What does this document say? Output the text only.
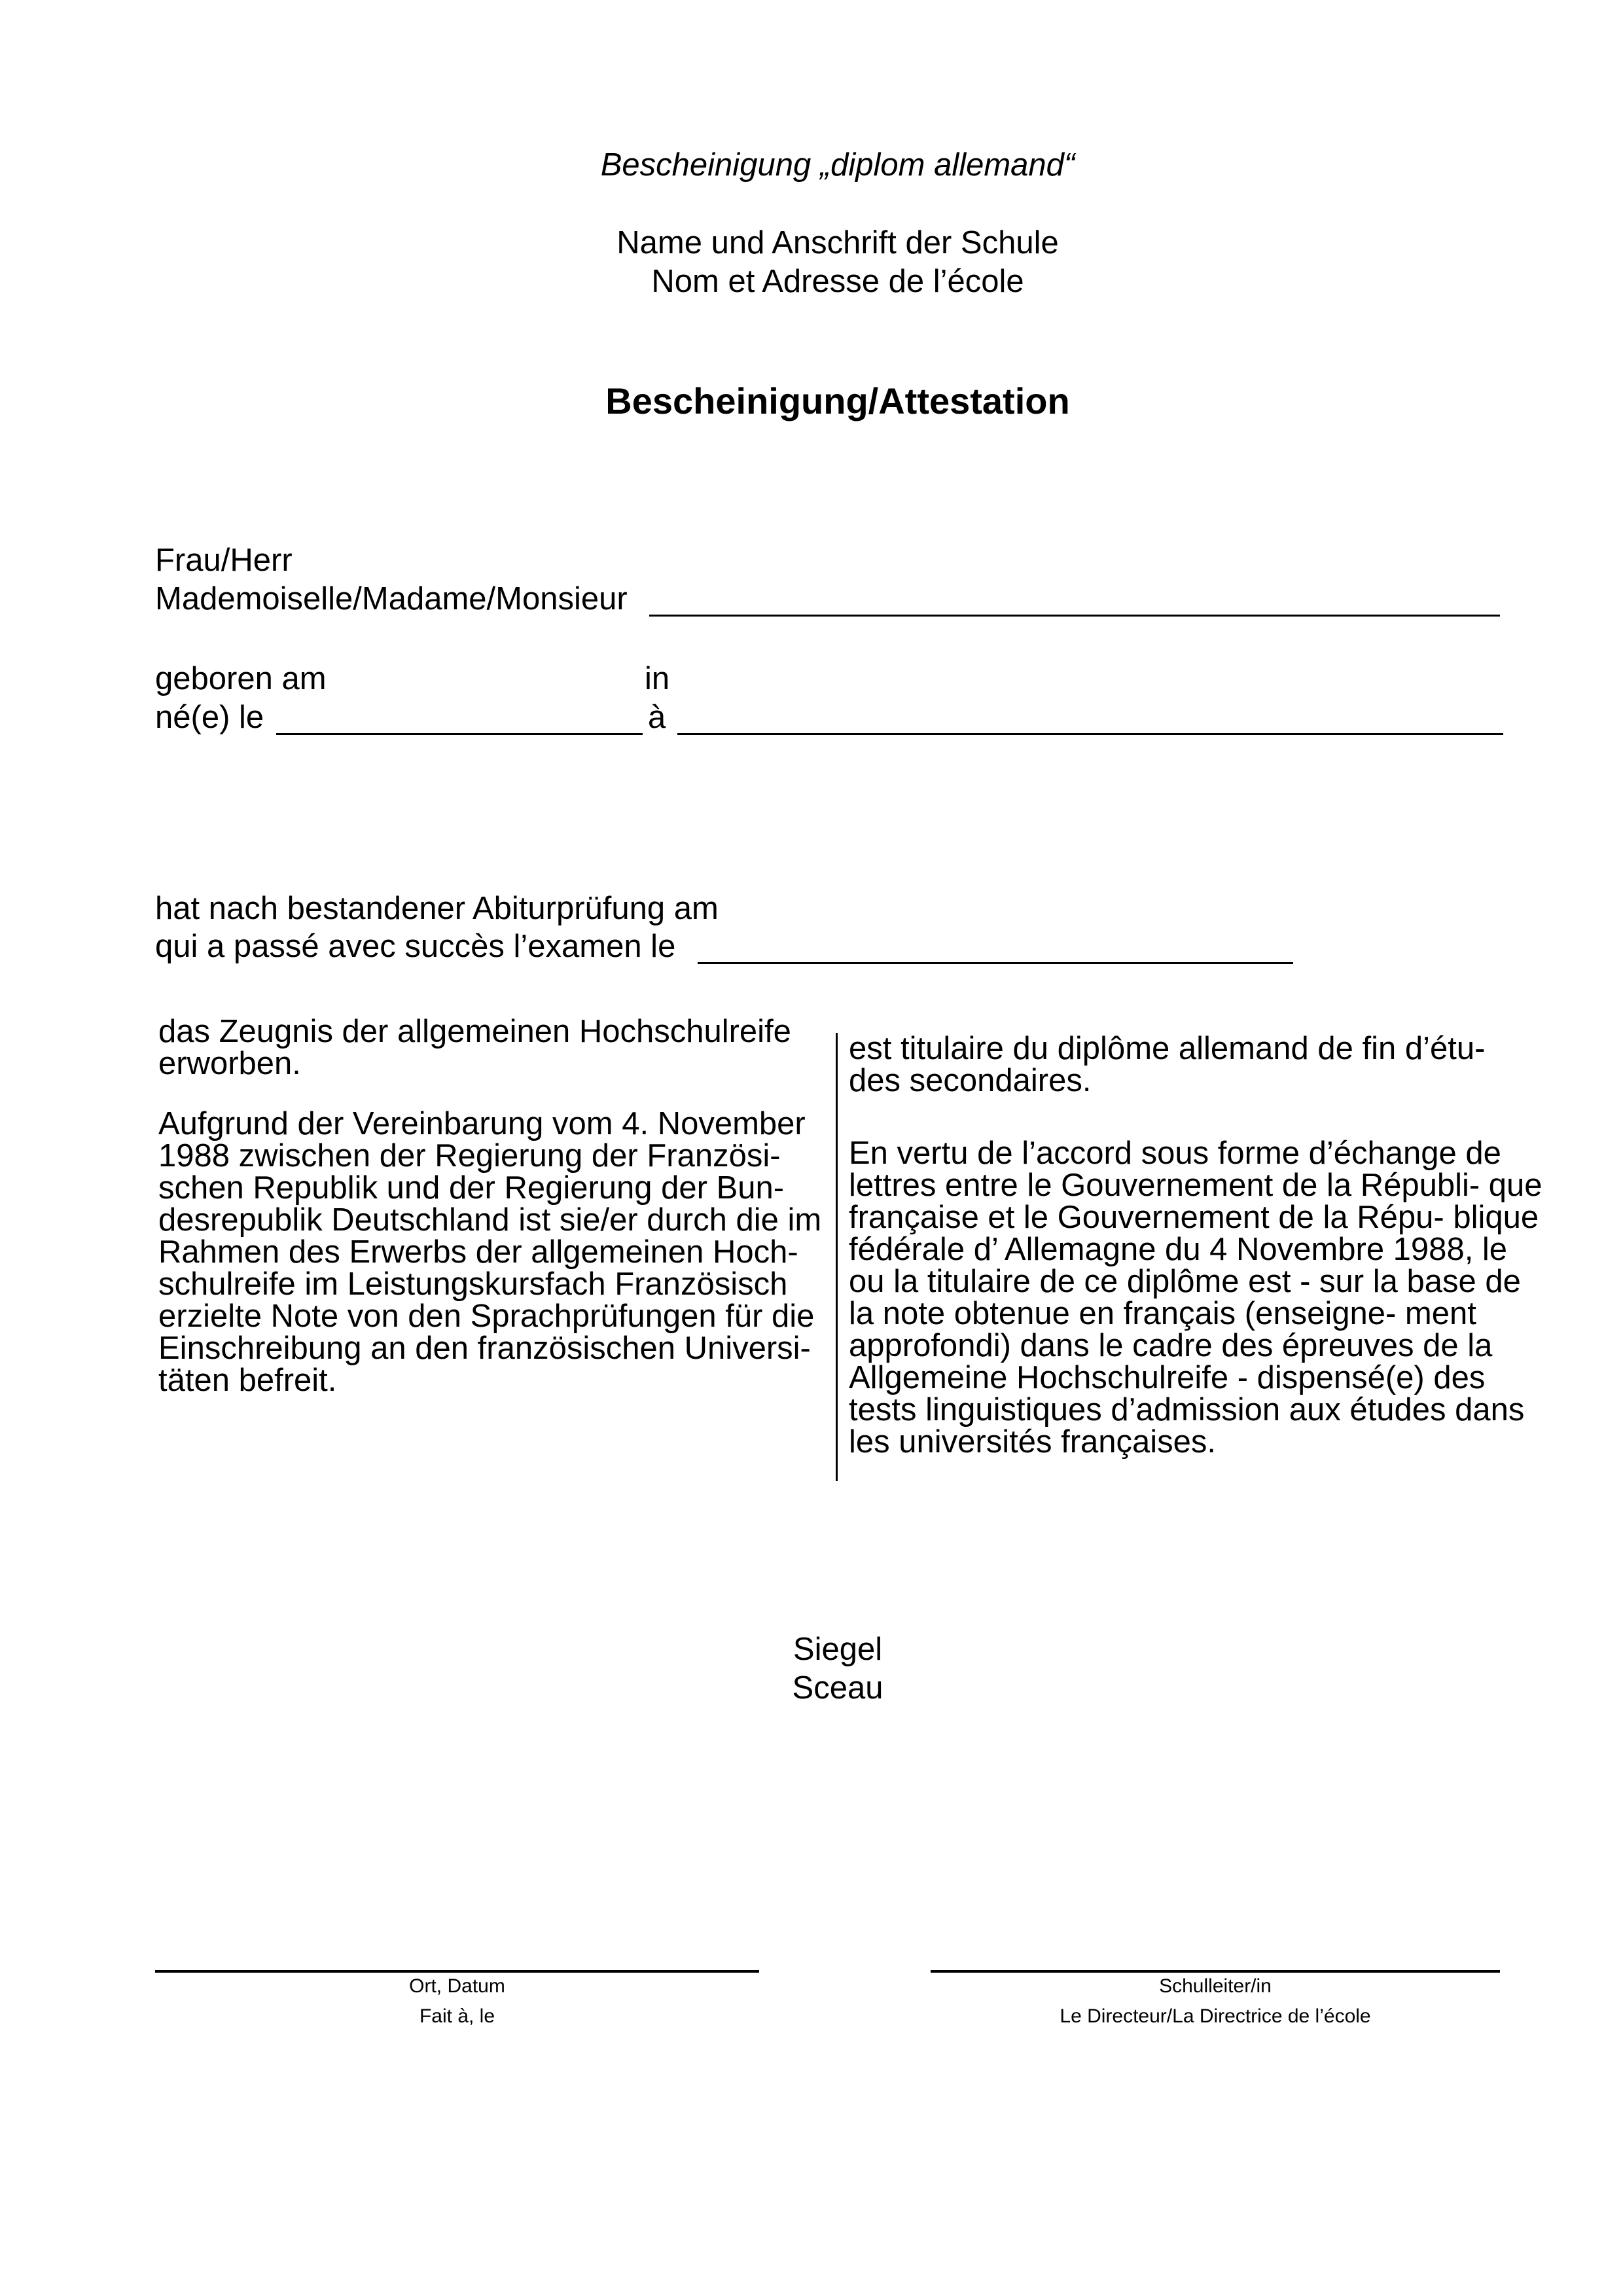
Bescheinigung „diplom allemand“
Name und Anschrift der Schule
Nom et Adresse de l’école
Bescheinigung/Attestation
Frau/Herr
Mademoiselle/Madame/Monsieur
geboren am
né(e) le
in
à
hat nach bestandener Abiturprüfung am
qui a passé avec succès l’examen le

das Zeugnis der allgemeinen Hochschulreife erworben.

Aufgrund der Vereinbarung vom 4. November 1988 zwischen der Regierung der Französi- schen Republik und der Regierung der Bun- desrepublik Deutschland ist sie/er durch die im Rahmen des Erwerbs der allgemeinen Hoch- schulreife im Leistungskursfach Französisch erzielte Note von den Sprachprüfungen für die Einschreibung an den französischen Universi- täten befreit.

est titulaire du diplôme allemand de fin d’étu- des secondaires.

En vertu de l’accord sous forme d’échange de lettres entre le Gouvernement de la Républi- que française et le Gouvernement de la Répu- blique fédérale d’ Allemagne du 4 Novembre 1988, le ou la titulaire de ce diplôme est - sur la base de la note obtenue en français (enseigne- ment approfondi) dans le cadre des épreuves de la Allgemeine Hochschulreife - dispensé(e) des tests linguistiques d’admission aux études dans les universités françaises.

Siegel
Sceau
Ort, Datum
Fait à, le
Schulleiter/in
Le Directeur/La Directrice de l’école
